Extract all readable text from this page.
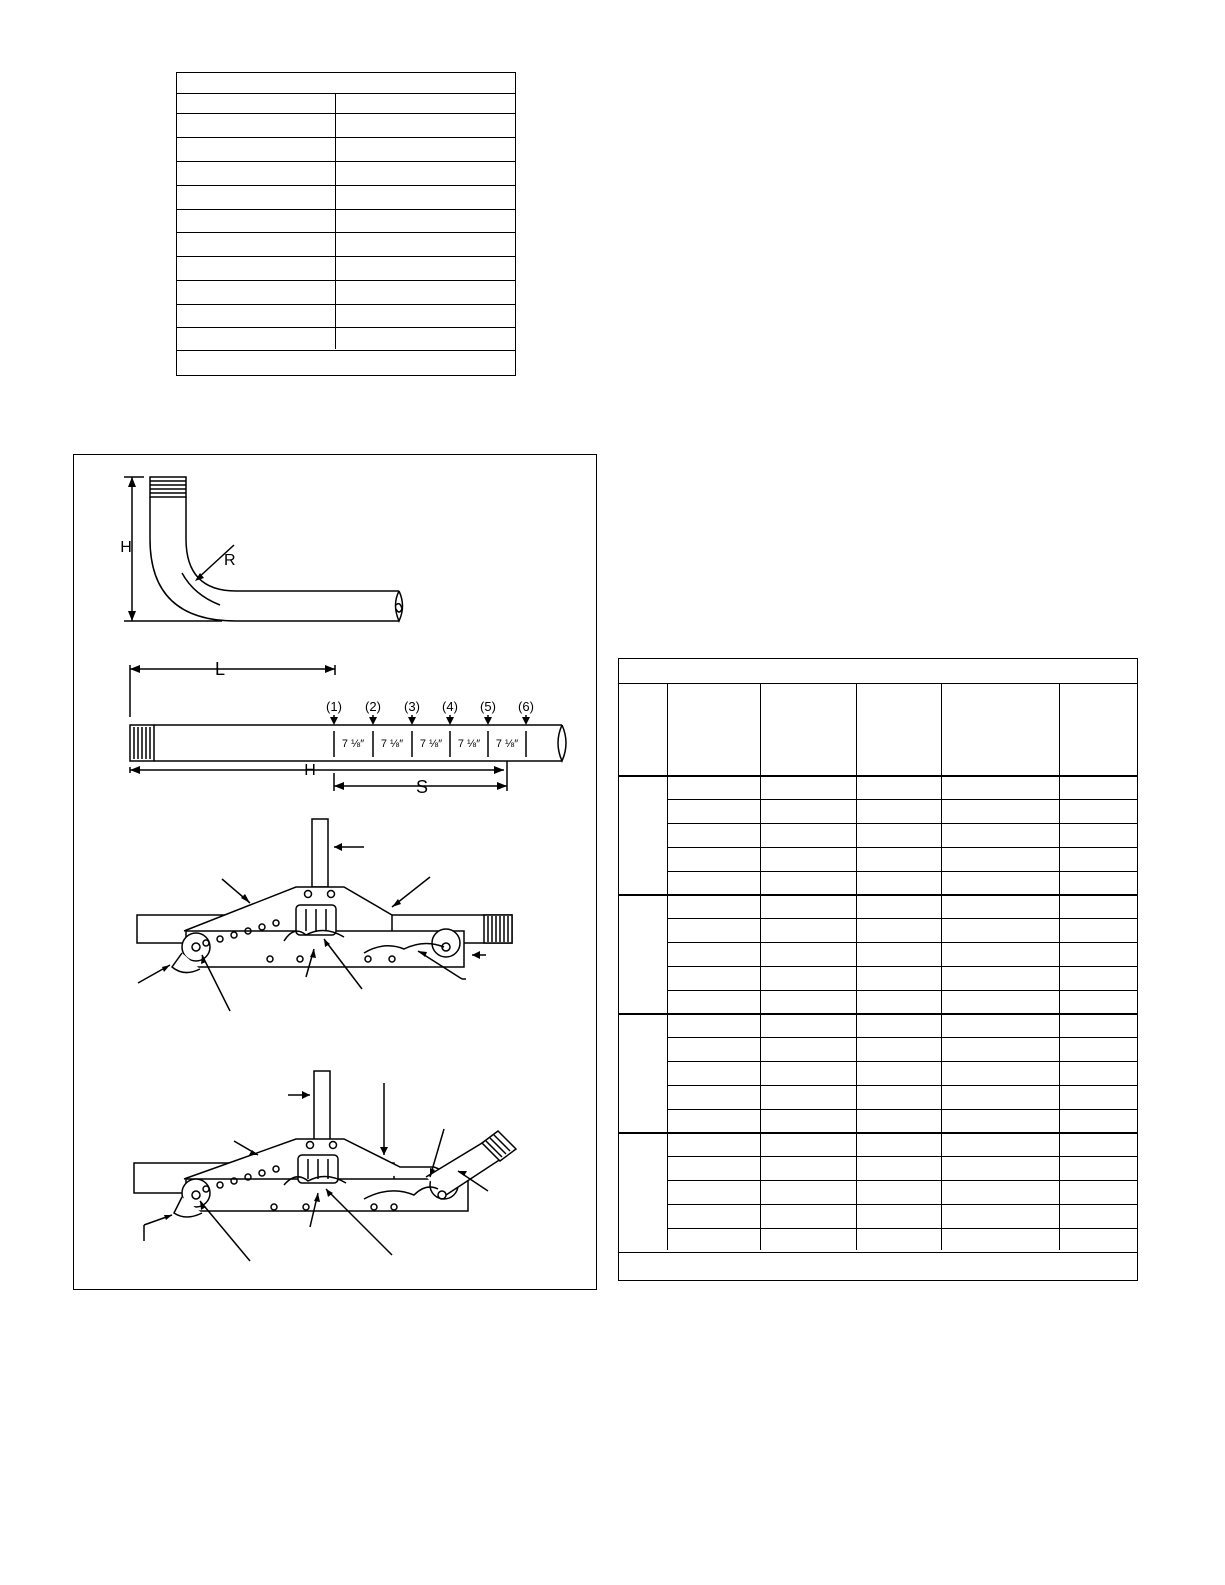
H
R
L
H
S
(1) (2) (3) (4) (5) (6)
7 ⅛″ 7 ⅛″ 7 ⅛″ 7 ⅛″ 7 ⅛″
